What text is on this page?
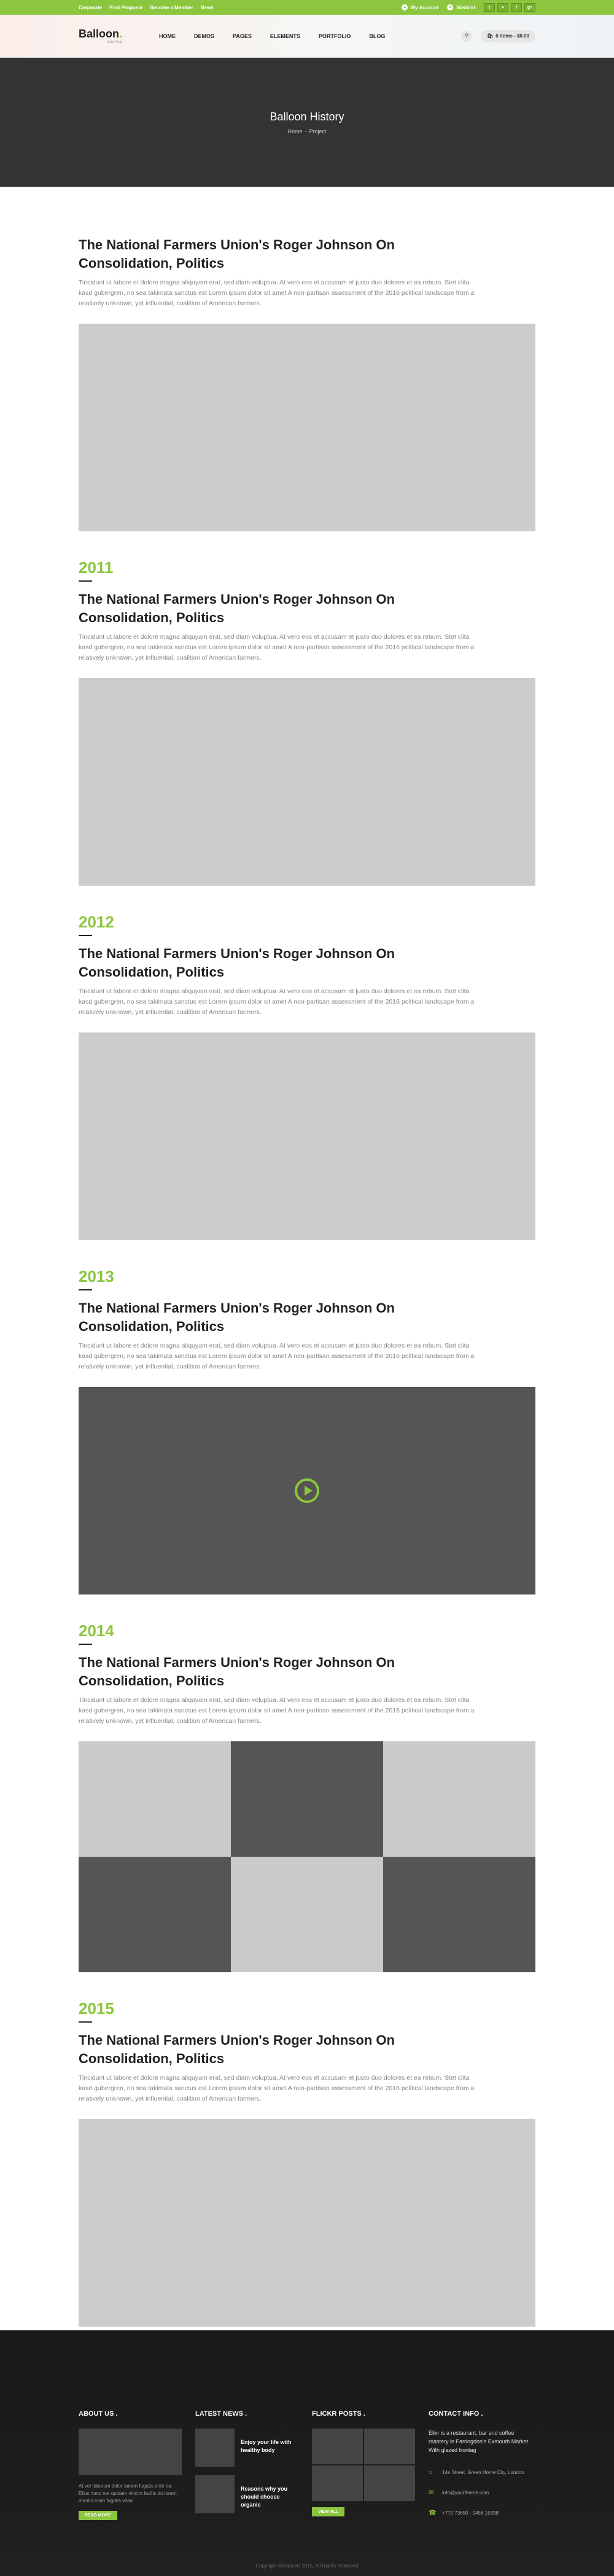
Corporate Post Proposal Become a Member News	● My Account	♥ Wishlist	t	≈	f	g+
Balloon.
Auto Fold
HOME	DEMOS	PAGES	ELEMENTS	PORTFOLIO	BLOG	⚲	🛍 0 items - $0.00
Balloon History
Home - Project
The National Farmers Union's Roger Johnson On Consolidation, Politics

Tincidunt ut labore et dolore magna aliquyam erat, sed diam voluptua. At vero eos et accusam et justo duo dolores et ea rebum. Stet clita kasd gubergren, no sea takimata sanctus est Lorem ipsum dolor sit amet A non-partisan assessment of the 2016 political landscape from a relatively unknown, yet influential, coalition of American farmers.

2011
The National Farmers Union's Roger Johnson On Consolidation, Politics

Tincidunt ut labore et dolore magna aliquyam erat, sed diam voluptua. At vero eos et accusam et justo duo dolores et ea rebum. Stet clita kasd gubergren, no sea takimata sanctus est Lorem ipsum dolor sit amet A non-partisan assessment of the 2016 political landscape from a relatively unknown, yet influential, coalition of American farmers.

2012
The National Farmers Union's Roger Johnson On Consolidation, Politics

Tincidunt ut labore et dolore magna aliquyam erat, sed diam voluptua. At vero eos et accusam et justo duo dolores et ea rebum. Stet clita kasd gubergren, no sea takimata sanctus est Lorem ipsum dolor sit amet A non-partisan assessment of the 2016 political landscape from a relatively unknown, yet influential, coalition of American farmers.

2013
The National Farmers Union's Roger Johnson On Consolidation, Politics

Tincidunt ut labore et dolore magna aliquyam erat, sed diam voluptua. At vero eos et accusam et justo duo dolores et ea rebum. Stet clita kasd gubergren, no sea takimata sanctus est Lorem ipsum dolor sit amet A non-partisan assessment of the 2016 political landscape from a relatively unknown, yet influential, coalition of American farmers.

2014
The National Farmers Union's Roger Johnson On Consolidation, Politics

Tincidunt ut labore et dolore magna aliquyam erat, sed diam voluptua. At vero eos et accusam et justo duo dolores et ea rebum. Stet clita kasd gubergren, no sea takimata sanctus est Lorem ipsum dolor sit amet A non-partisan assessment of the 2016 political landscape from a relatively unknown, yet influential, coalition of American farmers.

2015
The National Farmers Union's Roger Johnson On Consolidation, Politics

Tincidunt ut labore et dolore magna aliquyam erat, sed diam voluptua. At vero eos et accusam et justo duo dolores et ea rebum. Stet clita kasd gubergren, no sea takimata sanctus est Lorem ipsum dolor sit amet A non-partisan assessment of the 2016 political landscape from a relatively unknown, yet influential, coalition of American farmers.

ABOUT US .
At vel fabarum dolor tamen fugatis ante ea. Ellus nunc ner quidam vincim facilis do lorem mentis enim fugatis vitae.
READ MORE
LATEST NEWS .
Enjoy your life with healthy body
Reasons why you should choose organic
FLICKR POSTS .
VIEW ALL
CONTACT INFO .
Elixr is a restaurant, bar and coffee roastery in Farringdon's Exmouth Market. With glazed frontag
⌂	14e Street, Green Home City, London
✉	info@yourtheme.com
☎ +770 73650 - 1456 15398
Copyright Bestpixels 2015. All Rights Reserved
